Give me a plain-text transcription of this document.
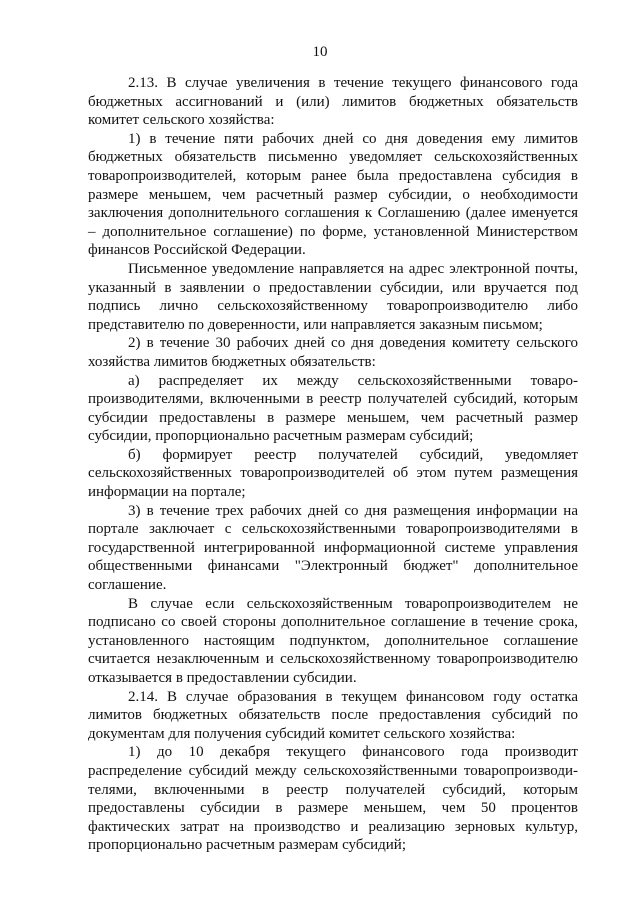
10

2.13. В случае увеличения в течение текущего финансового года бюджетных ассигнований и (или) лимитов бюджетных обязательств комитет сельского хозяйства:

1) в течение пяти рабочих дней со дня доведения ему лимитов бюджетных обязательств письменно уведомляет сельскохозяйственных товаропроизводителей, которым ранее была предоставлена субсидия в размере меньшем, чем расчетный размер субсидии, о необходимости заключения дополнительного соглашения к Соглашению (далее именуется – дополнительное соглашение) по форме, установленной Министерством финансов Российской Федерации.

Письменное уведомление направляется на адрес электронной почты, указанный в заявлении о предоставлении субсидии, или вручается под подпись лично сельскохозяйственному товаропроизводителю либо представителю по доверенности, или направляется заказным письмом;

2) в течение 30 рабочих дней со дня доведения комитету сельского хозяйства лимитов бюджетных обязательств:

а) распределяет их между сельскохозяйственными товаро-производителями, включенными в реестр получателей субсидий, которым субсидии предоставлены в размере меньшем, чем расчетный размер субсидии, пропорционально расчетным размерам субсидий;

б) формирует реестр получателей субсидий, уведомляет сельскохозяйственных товаропроизводителей об этом путем размещения информации на портале;

3) в течение трех рабочих дней со дня размещения информации на портале заключает с сельскохозяйственными товаропроизводителями в государственной интегрированной информационной системе управления общественными финансами "Электронный бюджет" дополнительное соглашение.

В случае если сельскохозяйственным товаропроизводителем не подписано со своей стороны дополнительное соглашение в течение срока, установленного настоящим подпунктом, дополнительное соглашение считается незаключенным и сельскохозяйственному товаропроизводителю отказывается в предоставлении субсидии.

2.14. В случае образования в текущем финансовом году остатка лимитов бюджетных обязательств после предоставления субсидий по документам для получения субсидий комитет сельского хозяйства:

1) до 10 декабря текущего финансового года производит распределение субсидий между сельскохозяйственными товаропроизводи-телями, включенными в реестр получателей субсидий, которым предоставлены субсидии в размере меньшем, чем 50 процентов фактических затрат на производство и реализацию зерновых культур, пропорционально расчетным размерам субсидий;
